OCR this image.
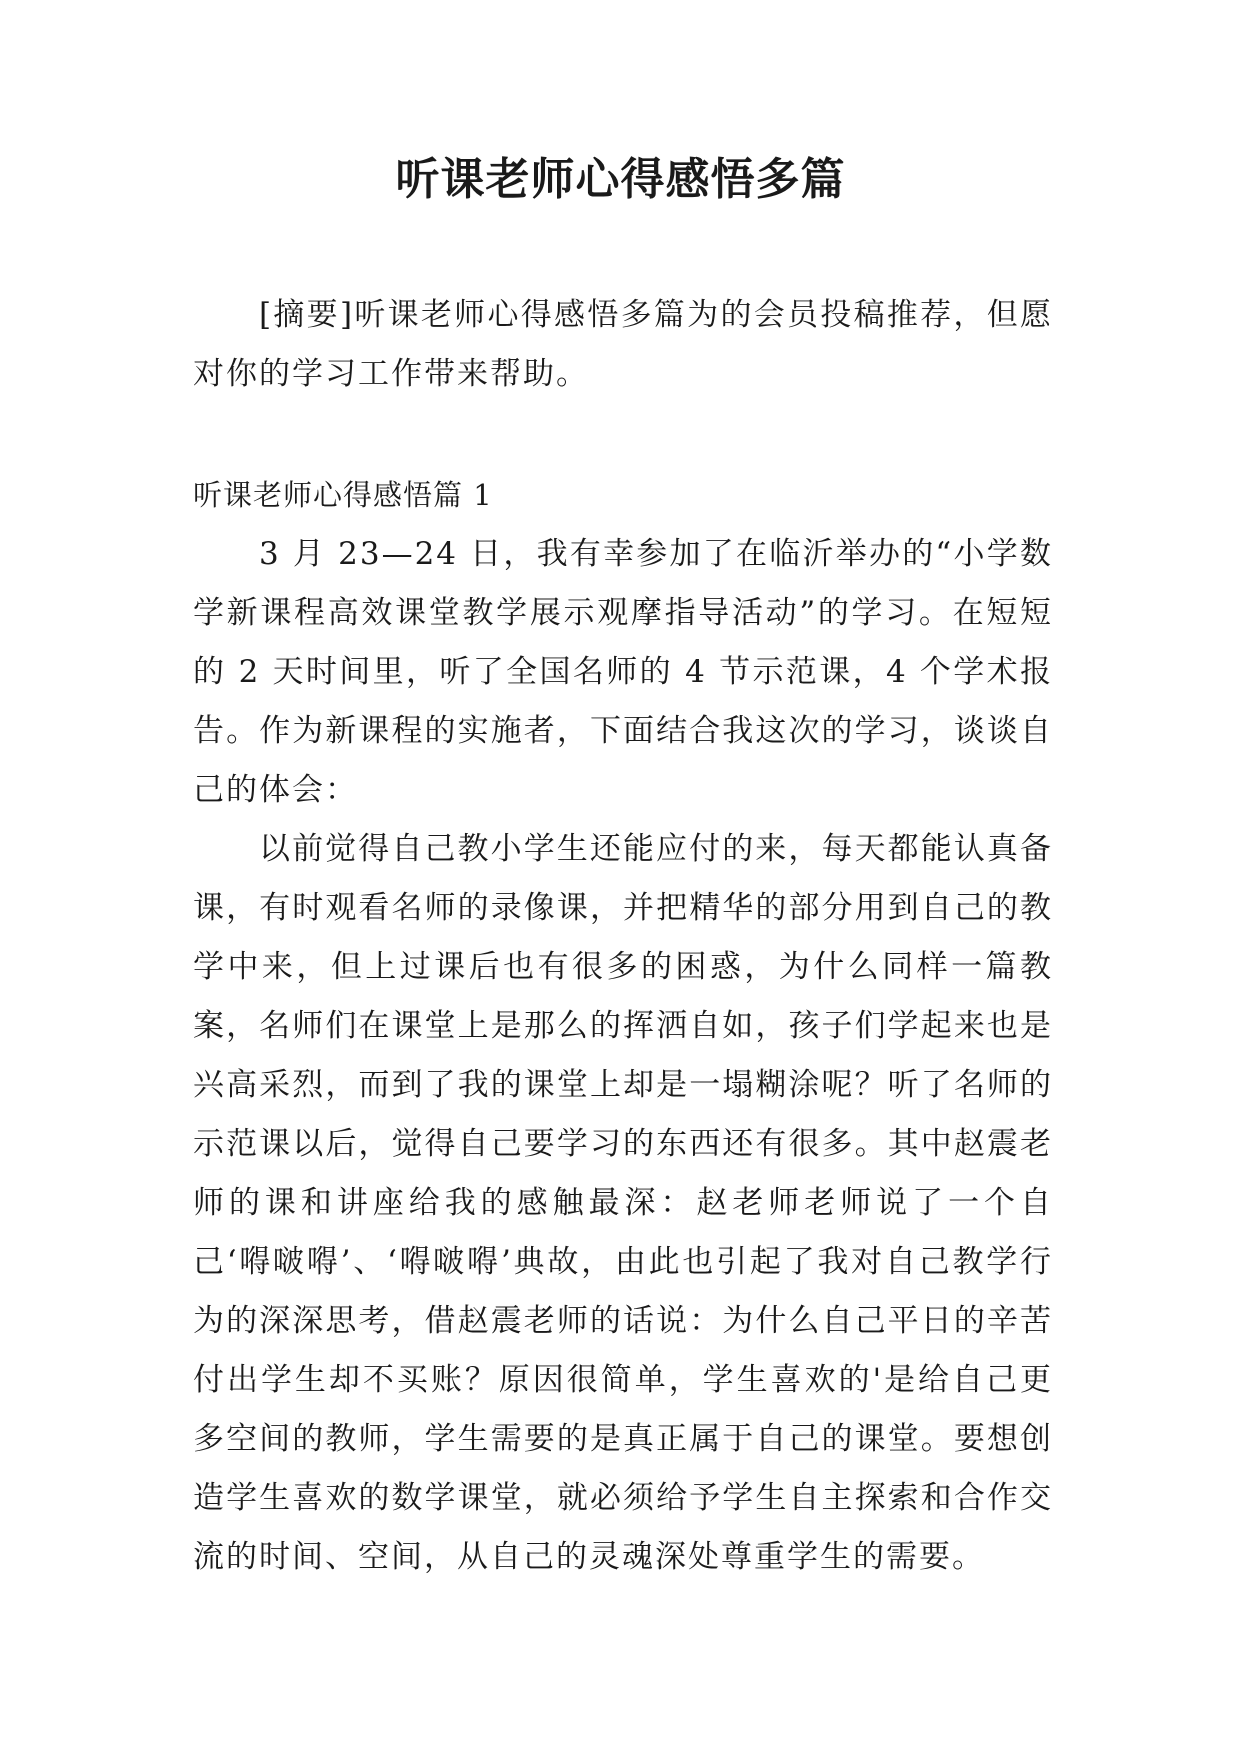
听课老师心得感悟多篇

[摘要]听课老师心得感悟多篇为的会员投稿推荐，但愿对你的学习工作带来帮助。

听课老师心得感悟篇 1

3 月 23—24 日，我有幸参加了在临沂举办的“小学数学新课程高效课堂教学展示观摩指导活动”的学习。在短短的 2 天时间里，听了全国名师的 4 节示范课，4 个学术报告。作为新课程的实施者，下面结合我这次的学习，谈谈自己的体会：

以前觉得自己教小学生还能应付的来，每天都能认真备课，有时观看名师的录像课，并把精华的部分用到自己的教学中来，但上过课后也有很多的困惑，为什么同样一篇教案，名师们在课堂上是那么的挥洒自如，孩子们学起来也是兴高采烈，而到了我的课堂上却是一塌糊涂呢？听了名师的示范课以后，觉得自己要学习的东西还有很多。其中赵震老师的课和讲座给我的感触最深：赵老师老师说了一个自己‘嘚啵嘚’、‘嘚啵嘚’典故，由此也引起了我对自己教学行为的深深思考，借赵震老师的话说：为什么自己平日的辛苦付出学生却不买账？原因很简单，学生喜欢的'是给自己更多空间的教师，学生需要的是真正属于自己的课堂。要想创造学生喜欢的数学课堂，就必须给予学生自主探索和合作交流的时间、空间，从自己的灵魂深处尊重学生的需要。
